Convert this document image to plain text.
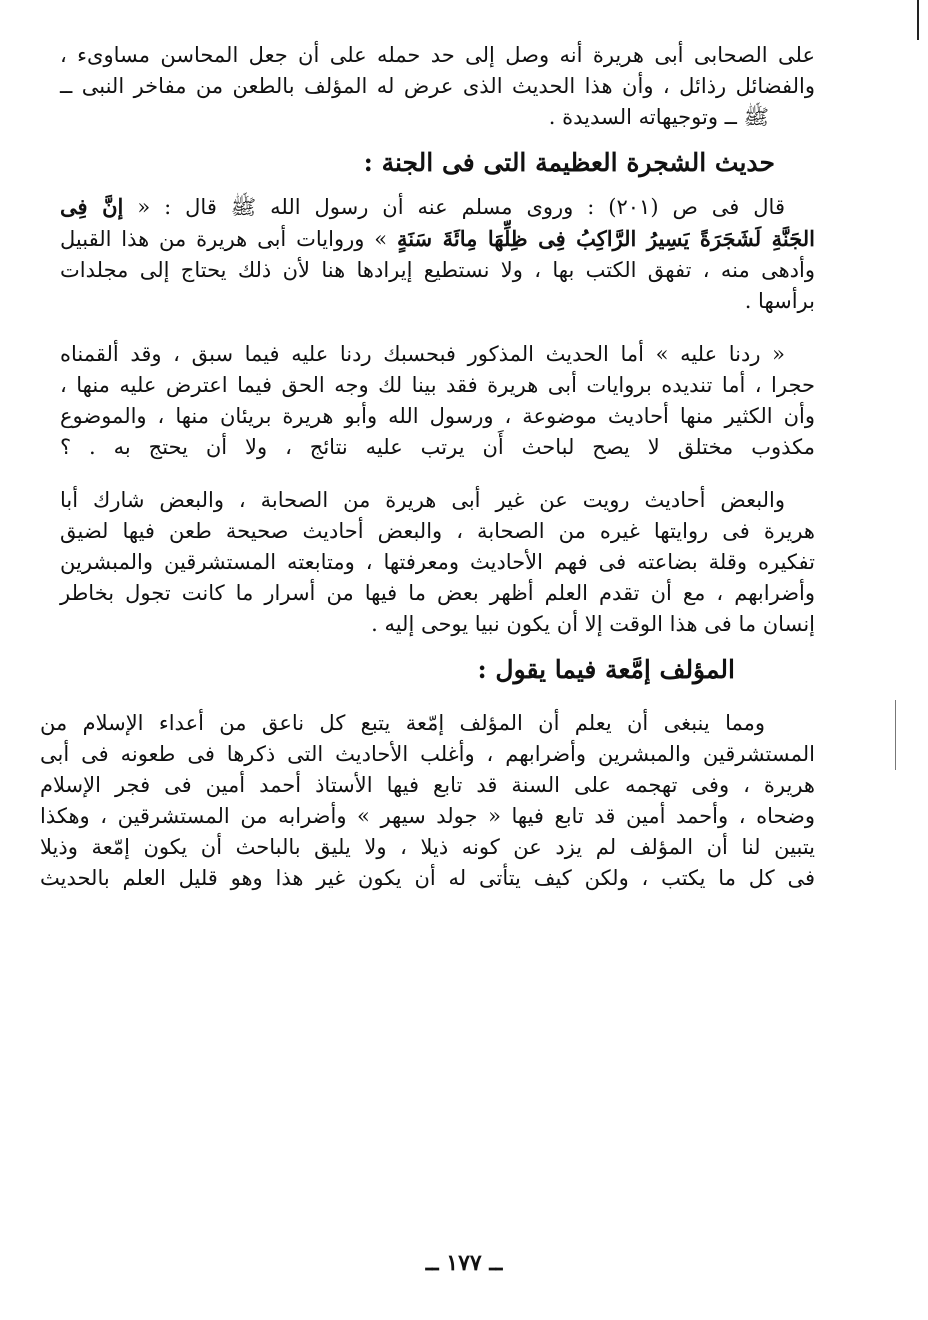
على الصحابى أبى هريرة أنه وصل إلى حد حمله على أن جعل المحاسن مساوىء ،

والفضائل رذائل ، وأن هذا الحديث الذى عرض له المؤلف بالطعن من مفاخر النبى ــ

ﷺ ــ وتوجيهاته السديدة .

حديث الشجرة العظيمة التى فى الجنة :

قال فى ص (٢٠١) : وروى مسلم عنه أن رسول الله ﷺ قال : « إنَّ فِى

الجَنَّةِ لَشَجَرَةً يَسِيرُ الرَّاكِبُ فِى ظِلِّهَا مِائَةَ سَنَةٍ » وروايات أبى هريرة من هذا القبيل

وأدهى منه ، تفهق الكتب بها ، ولا نستطيع إيرادها هنا لأن ذلك يحتاج إلى مجلدات

برأسها .

« ردنا عليه » أما الحديث المذكور فبحسبك ردنا عليه فيما سبق ، وقد ألقمناه

حجرا ، أما تنديده بروايات أبى هريرة فقد بينا لك وجه الحق فيما اعترض عليه منها ،

وأن الكثير منها أحاديث موضوعة ، ورسول الله وأبو هريرة بريئان منها ، والموضوع

مكذوب مختلق لا يصح لباحث أَن يرتب عليه نتائج ، ولا أن يحتج به . ؟

والبعض أحاديث رويت عن غير أبى هريرة من الصحابة ، والبعض شارك أبا

هريرة فى روايتها غيره من الصحابة ، والبعض أحاديث صحيحة طعن فيها لضيق

تفكيره وقلة بضاعته فى فهم الأحاديث ومعرفتها ، ومتابعته المستشرقين والمبشرين

وأضرابهم ، مع أن تقدم العلم أظهر بعض ما فيها من أسرار ما كانت تجول بخاطر

إنسان ما فى هذا الوقت إلا أن يكون نبيا يوحى إليه .

المؤلف إمَّعة فيما يقول :

ومما ينبغى أن يعلم أن المؤلف إمّعة يتبع كل ناعق من أعداء الإسلام من

المستشرقين والمبشرين وأضرابهم ، وأغلب الأحاديث التى ذكرها فى طعونه فى أبى

هريرة ، وفى تهجمه على السنة قد تابع فيها الأستاذ أحمد أمين فى فجر الإسلام

وضحاه ، وأحمد أمين قد تابع فيها « جولد سيهر » وأضرابه من المستشرقين ، وهكذا

يتبين لنا أن المؤلف لم يزد عن كونه ذيلا ، ولا يليق بالباحث أن يكون إمّعة وذيلا

فى كل ما يكتب ، ولكن كيف يتأتى له أن يكون غير هذا وهو قليل العلم بالحديث

ــ ١٧٧ ــ
